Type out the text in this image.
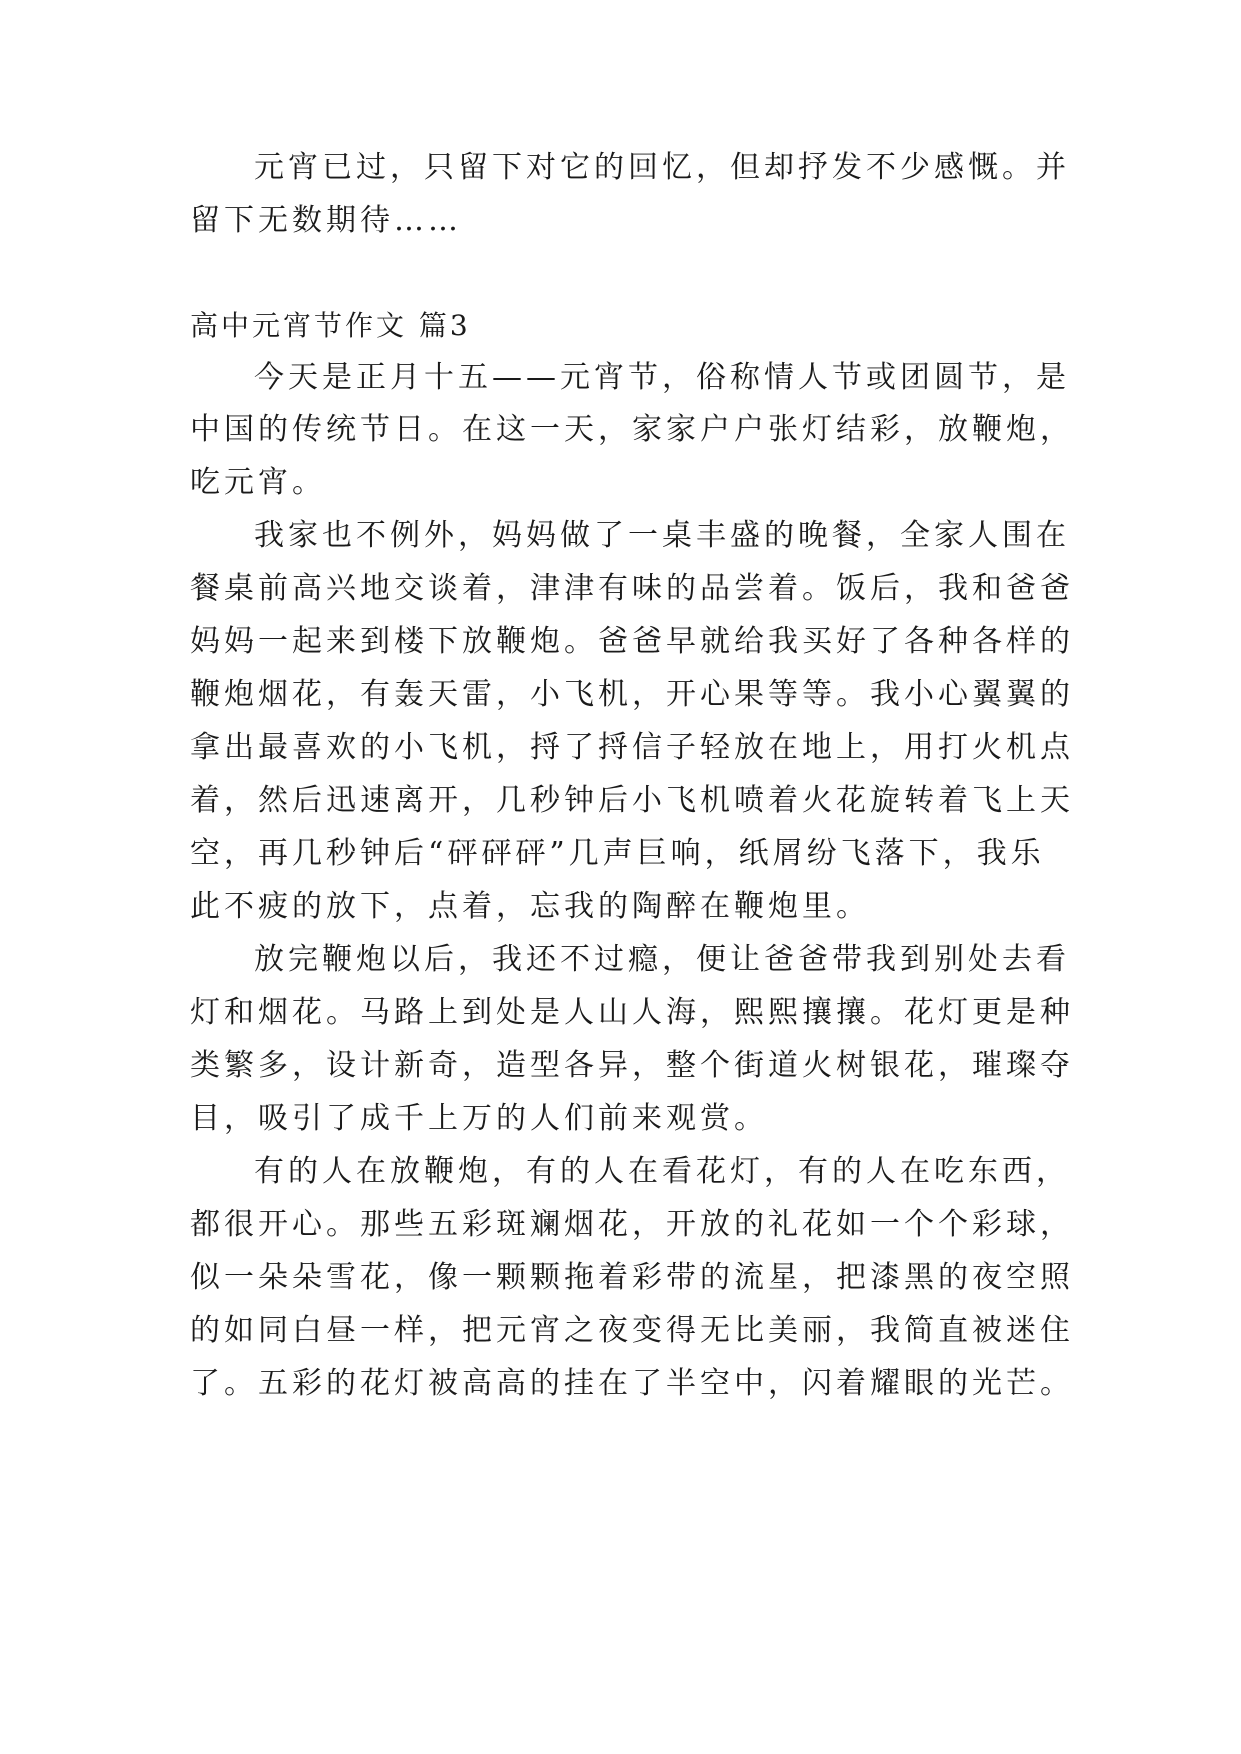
元宵已过，只留下对它的回忆，但却抒发不少感慨。并
留下无数期待……
高中元宵节作文 篇3
今天是正月十五——元宵节，俗称情人节或团圆节，是
中国的传统节日。在这一天，家家户户张灯结彩，放鞭炮，
吃元宵。
我家也不例外，妈妈做了一桌丰盛的晚餐，全家人围在
餐桌前高兴地交谈着，津津有味的品尝着。饭后，我和爸爸
妈妈一起来到楼下放鞭炮。爸爸早就给我买好了各种各样的
鞭炮烟花，有轰天雷，小飞机，开心果等等。我小心翼翼的
拿出最喜欢的小飞机，捋了捋信子轻放在地上，用打火机点
着，然后迅速离开，几秒钟后小飞机喷着火花旋转着飞上天
空，再几秒钟后“砰砰砰”几声巨响，纸屑纷飞落下，我乐
此不疲的放下，点着，忘我的陶醉在鞭炮里。
放完鞭炮以后，我还不过瘾，便让爸爸带我到别处去看
灯和烟花。马路上到处是人山人海，熙熙攘攘。花灯更是种
类繁多，设计新奇，造型各异，整个街道火树银花，璀璨夺
目，吸引了成千上万的人们前来观赏。
有的人在放鞭炮，有的人在看花灯，有的人在吃东西，
都很开心。那些五彩斑斓烟花，开放的礼花如一个个彩球，
似一朵朵雪花，像一颗颗拖着彩带的流星，把漆黑的夜空照
的如同白昼一样，把元宵之夜变得无比美丽，我简直被迷住
了。五彩的花灯被高高的挂在了半空中，闪着耀眼的光芒。
